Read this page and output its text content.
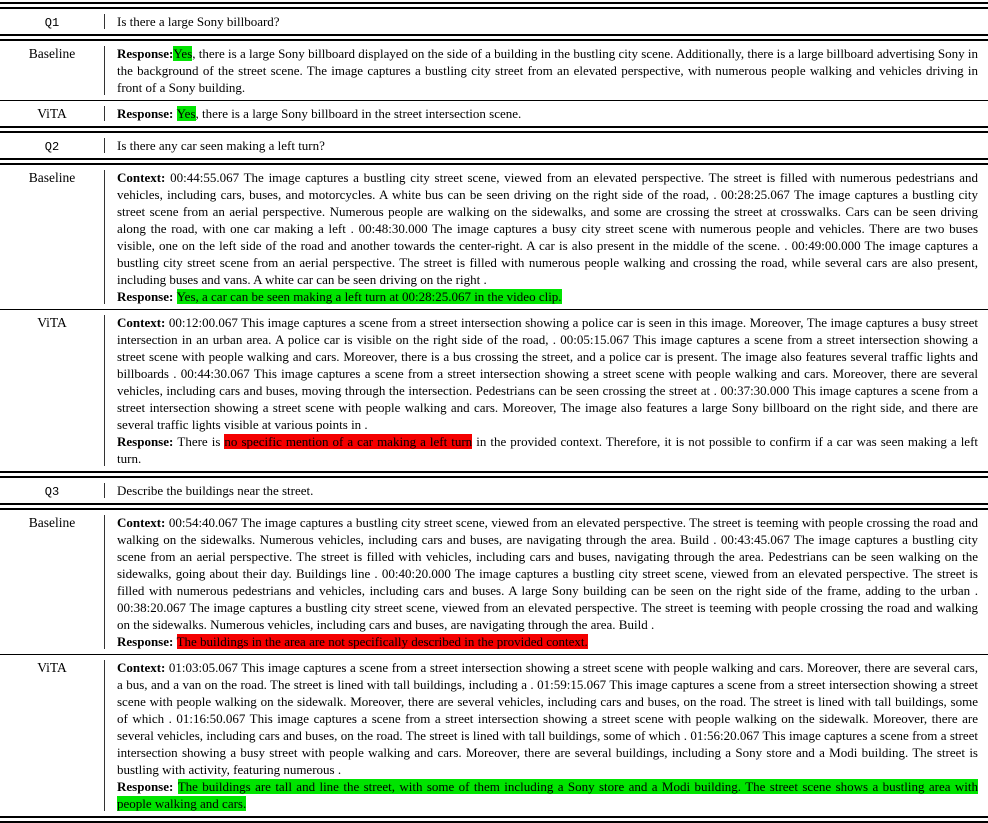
Q1	Is there a large Sony billboard?
Baseline	Response:Yes, there is a large Sony billboard displayed on the side of a building in the bustling city scene. Additionally, there is a large billboard advertising Sony in the background of the street scene. The image captures a bustling city street from an elevated perspective, with numerous people walking and vehicles driving in front of a Sony building.
ViTA	Response: Yes, there is a large Sony billboard in the street intersection scene.
Q2	Is there any car seen making a left turn?
Baseline	Context: 00:44:55.067 The image captures a bustling city street scene, viewed from an elevated perspective. The street is filled with numerous pedestrians and vehicles, including cars, buses, and motorcycles. A white bus can be seen driving on the right side of the road, . 00:28:25.067 The image captures a bustling city street scene from an aerial perspective. Numerous people are walking on the sidewalks, and some are crossing the street at crosswalks. Cars can be seen driving along the road, with one car making a left . 00:48:30.000 The image captures a busy city street scene with numerous people and vehicles. There are two buses visible, one on the left side of the road and another towards the center-right. A car is also present in the middle of the scene. . 00:49:00.000 The image captures a bustling city street scene from an aerial perspective. The street is filled with numerous people walking and crossing the road, while several cars are also present, including buses and vans. A white car can be seen driving on the right .
Response: Yes, a car can be seen making a left turn at 00:28:25.067 in the video clip.
ViTA	Context: 00:12:00.067 This image captures a scene from a street intersection showing a police car is seen in this image. Moreover, The image captures a busy street intersection in an urban area. A police car is visible on the right side of the road, . 00:05:15.067 This image captures a scene from a street intersection showing a street scene with people walking and cars. Moreover, there is a bus crossing the street, and a police car is present. The image also features several traffic lights and billboards . 00:44:30.067 This image captures a scene from a street intersection showing a street scene with people walking and cars. Moreover, there are several vehicles, including cars and buses, moving through the intersection. Pedestrians can be seen crossing the street at . 00:37:30.000 This image captures a scene from a street intersection showing a street scene with people walking and cars. Moreover, The image also features a large Sony billboard on the right side, and there are several traffic lights visible at various points in .
Response: There is no specific mention of a car making a left turn in the provided context. Therefore, it is not possible to confirm if a car was seen making a left turn.
Q3	Describe the buildings near the street.
Baseline	Context: 00:54:40.067 The image captures a bustling city street scene, viewed from an elevated perspective. The street is teeming with people crossing the road and walking on the sidewalks. Numerous vehicles, including cars and buses, are navigating through the area. Build . 00:43:45.067 The image captures a bustling city scene from an aerial perspective. The street is filled with vehicles, including cars and buses, navigating through the area. Pedestrians can be seen walking on the sidewalks, going about their day. Buildings line . 00:40:20.000 The image captures a bustling city street scene, viewed from an elevated perspective. The street is filled with numerous pedestrians and vehicles, including cars and buses. A large Sony building can be seen on the right side of the frame, adding to the urban . 00:38:20.067 The image captures a bustling city street scene, viewed from an elevated perspective. The street is teeming with people crossing the road and walking on the sidewalks. Numerous vehicles, including cars and buses, are navigating through the area. Build .
Response: The buildings in the area are not specifically described in the provided context.
ViTA	Context: 01:03:05.067 This image captures a scene from a street intersection showing a street scene with people walking and cars. Moreover, there are several cars, a bus, and a van on the road. The street is lined with tall buildings, including a . 01:59:15.067 This image captures a scene from a street intersection showing a street scene with people walking on the sidewalk. Moreover, there are several vehicles, including cars and buses, on the road. The street is lined with tall buildings, some of which . 01:16:50.067 This image captures a scene from a street intersection showing a street scene with people walking on the sidewalk. Moreover, there are several vehicles, including cars and buses, on the road. The street is lined with tall buildings, some of which . 01:56:20.067 This image captures a scene from a street intersection showing a busy street with people walking and cars. Moreover, there are several buildings, including a Sony store and a Modi building. The street is bustling with activity, featuring numerous .
Response: The buildings are tall and line the street, with some of them including a Sony store and a Modi building. The street scene shows a bustling area with people walking and cars.
